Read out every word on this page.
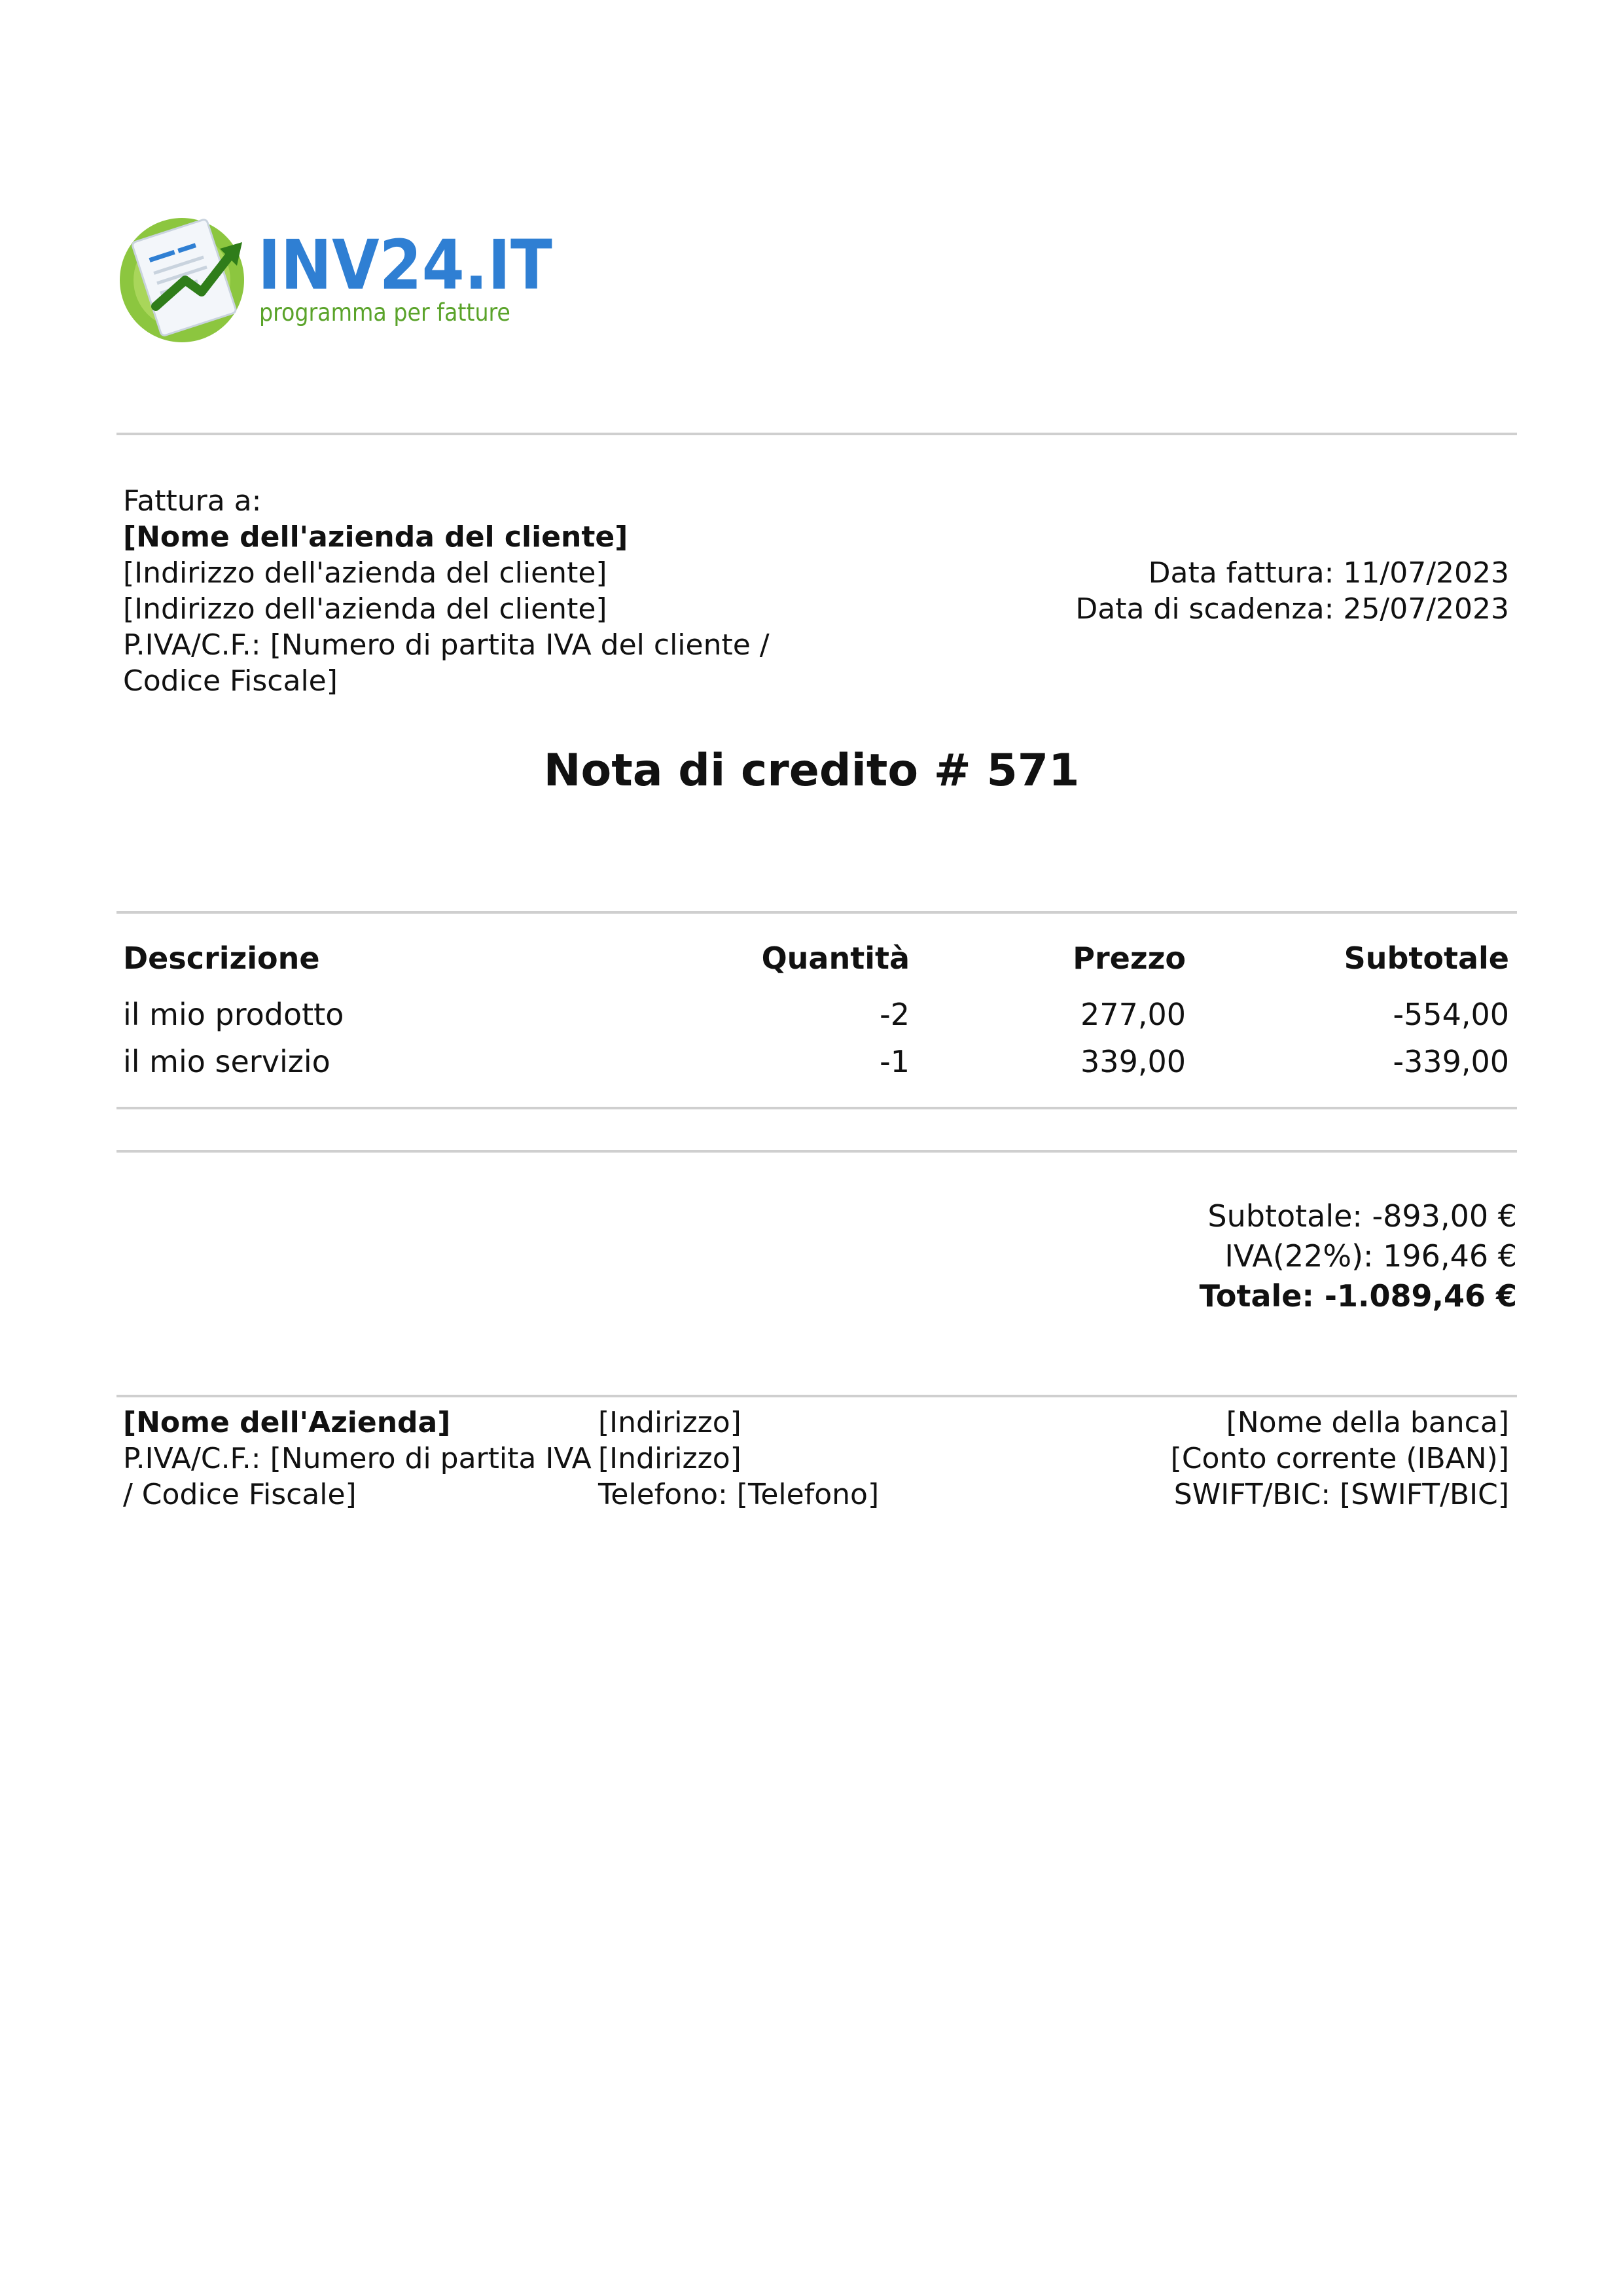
INV24.IT
programma per fatture
Fattura a:
[Nome dell'azienda del cliente]
[Indirizzo dell'azienda del cliente]
[Indirizzo dell'azienda del cliente]
P.IVA/C.F.: [Numero di partita IVA del cliente /
Codice Fiscale]
Data fattura: 11/07/2023
Data di scadenza: 25/07/2023
Nota di credito # 571
Descrizione	Quantità	Prezzo	Subtotale
il mio prodotto	-2	277,00	-554,00
il mio servizio	-1	339,00	-339,00
Subtotale: -893,00 €
IVA(22%): 196,46 €
Totale: -1.089,46 €
[Nome dell'Azienda]
P.IVA/C.F.: [Numero di partita IVA
/ Codice Fiscale]
[Indirizzo]
[Indirizzo]
Telefono: [Telefono]
[Nome della banca]
[Conto corrente (IBAN)]
SWIFT/BIC: [SWIFT/BIC]
